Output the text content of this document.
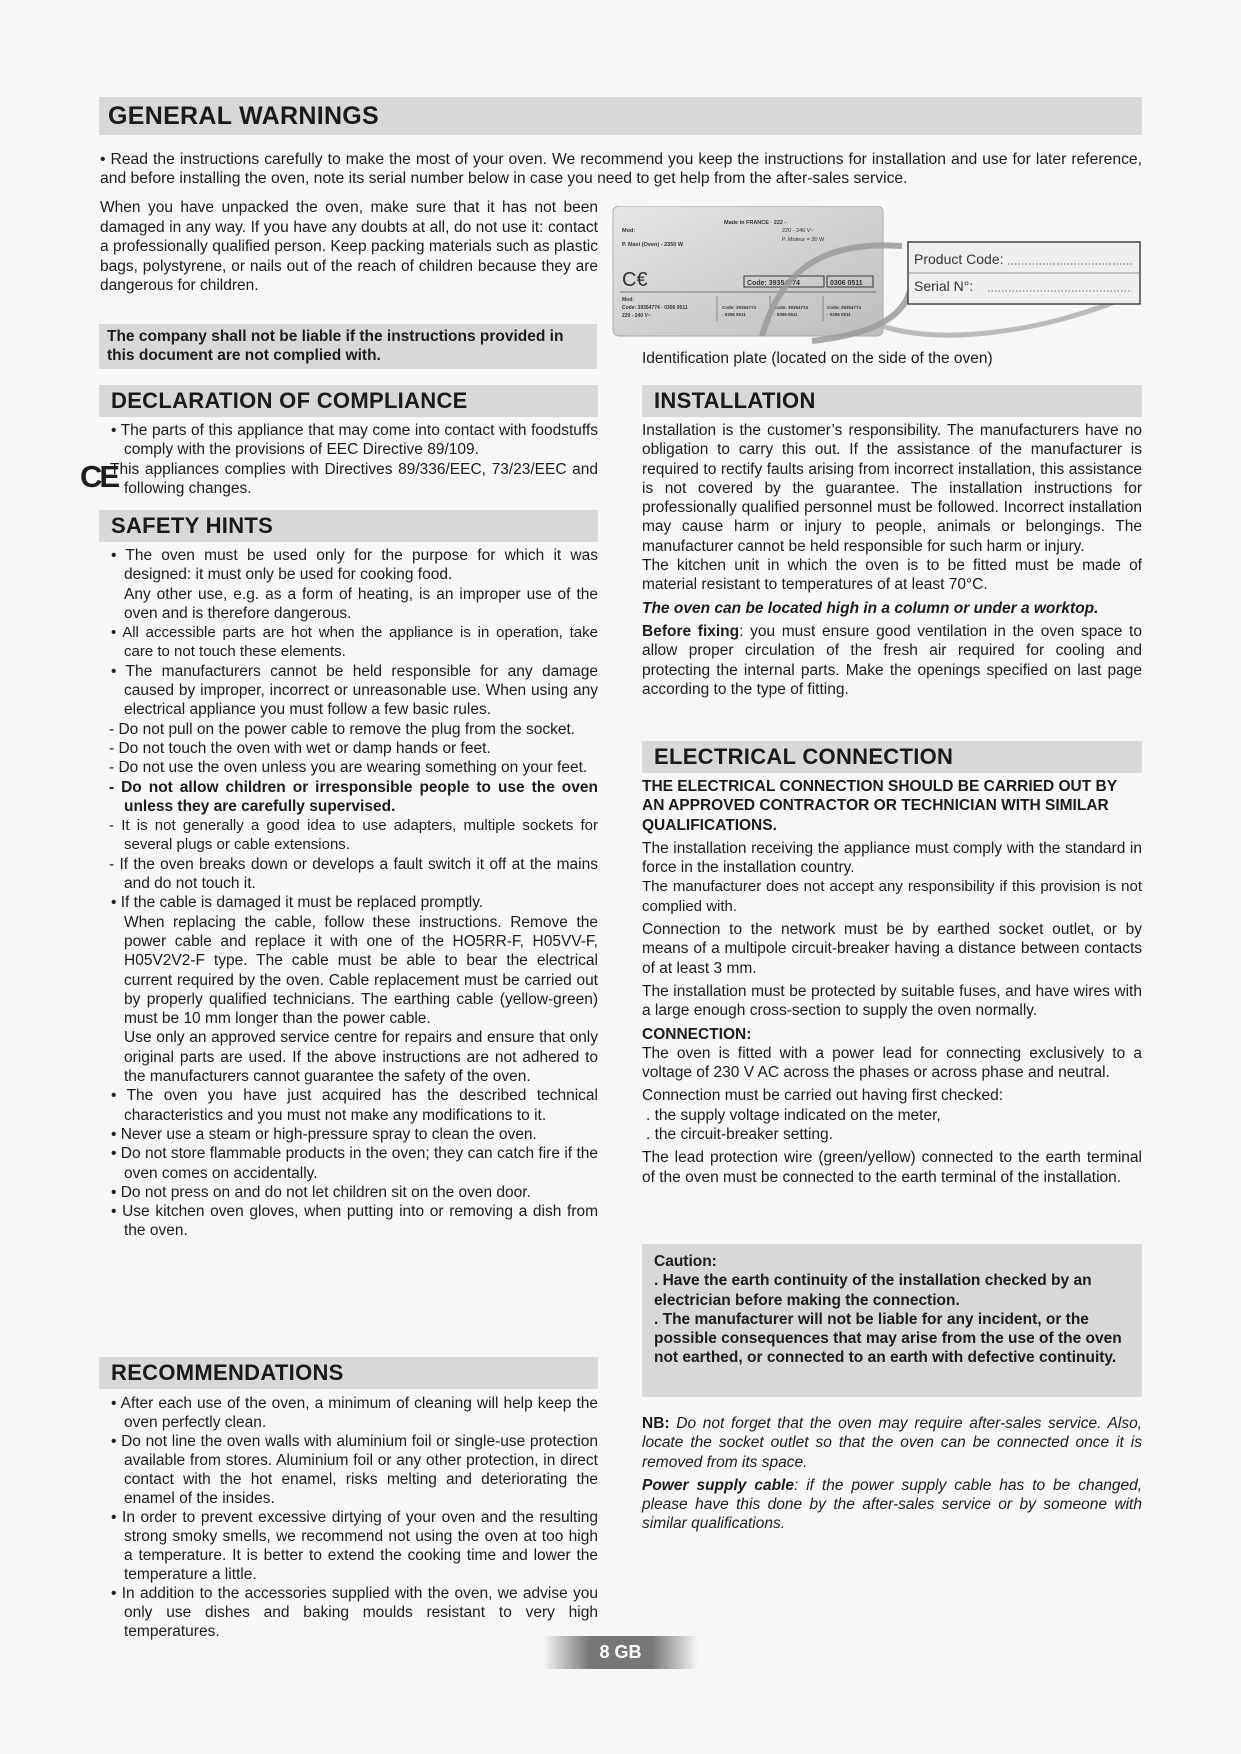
GENERAL WARNINGS
• Read the instructions carefully to make the most of your oven. We recommend you keep the instructions for installation and use for later reference, and before installing the oven, note its serial number below in case you need to get help from the after-sales service.
When you have unpacked the oven, make sure that it has not been damaged in any way. If you have any doubts at all, do not use it: contact a professionally qualified person. Keep packing materials such as plastic bags, polystyrene, or nails out of the reach of children because they are dangerous for children.
The company shall not be liable if the instructions provided in this document are not complied with.
Made in FRANCE · 222 -
Mod:	220 - 240 V~
P. Maxi (Oven) - 2350 W
P. Moteur = 30 W
C€	Code: 39354774	0306 0511
Mod:
Code: 39354774 · 0306 0511
220 - 240 V~
Code: 39354774
· 0306 0511
Code: 39354774
· 0306 0511
Code: 39354774
· 0306 0511
Product Code:
Serial N°:
Identification plate (located on the side of the oven)
DECLARATION OF COMPLIANCE

• The parts of this appliance that may come into contact with foodstuffs comply with the provisions of EEC Directive 89/109.

This appliances complies with Directives 89/336/EEC, 73/23/EEC and following changes.

CE
SAFETY HINTS

• The oven must be used only for the purpose for which it was designed: it must only be used for cooking food.

Any other use, e.g. as a form of heating, is an improper use of the oven and is therefore dangerous.

• All accessible parts are hot when the appliance is in operation, take care to not touch these elements.

• The manufacturers cannot be held responsible for any damage caused by improper, incorrect or unreasonable use. When using any electrical appliance you must follow a few basic rules.

- Do not pull on the power cable to remove the plug from the socket.

- Do not touch the oven with wet or damp hands or feet.

- Do not use the oven unless you are wearing something on your feet.

- Do not allow children or irresponsible people to use the oven unless they are carefully supervised.

- It is not generally a good idea to use adapters, multiple sockets for several plugs or cable extensions.

- If the oven breaks down or develops a fault switch it off at the mains and do not touch it.

• If the cable is damaged it must be replaced promptly.

When replacing the cable, follow these instructions. Remove the power cable and replace it with one of the HO5RR-F, H05VV-F, H05V2V2-F type. The cable must be able to bear the electrical current required by the oven. Cable replacement must be carried out by properly qualified technicians. The earthing cable (yellow-green) must be 10 mm longer than the power cable.

Use only an approved service centre for repairs and ensure that only original parts are used. If the above instructions are not adhered to the manufacturers cannot guarantee the safety of the oven.

• The oven you have just acquired has the described technical characteristics and you must not make any modifications to it.

• Never use a steam or high-pressure spray to clean the oven.

• Do not store flammable products in the oven; they can catch fire if the oven comes on accidentally.

• Do not press on and do not let children sit on the oven door.

• Use kitchen oven gloves, when putting into or removing a dish from the oven.

RECOMMENDATIONS

• After each use of the oven, a minimum of cleaning will help keep the oven perfectly clean.

• Do not line the oven walls with aluminium foil or single-use protection available from stores. Aluminium foil or any other protection, in direct contact with the hot enamel, risks melting and deteriorating the enamel of the insides.

• In order to prevent excessive dirtying of your oven and the resulting strong smoky smells, we recommend not using the oven at too high a temperature. It is better to extend the cooking time and lower the temperature a little.

• In addition to the accessories supplied with the oven, we advise you only use dishes and baking moulds resistant to very high temperatures.

INSTALLATION

Installation is the customer’s responsibility. The manufacturers have no obligation to carry this out. If the assistance of the manufacturer is required to rectify faults arising from incorrect installation, this assistance is not covered by the guarantee. The installation instructions for professionally qualified personnel must be followed. Incorrect installation may cause harm or injury to people, animals or belongings. The manufacturer cannot be held responsible for such harm or injury.

The kitchen unit in which the oven is to be fitted must be made of material resistant to temperatures of at least 70°C.

The oven can be located high in a column or under a worktop.

Before fixing: you must ensure good ventilation in the oven space to allow proper circulation of the fresh air required for cooling and protecting the internal parts. Make the openings specified on last page according to the type of fitting.

ELECTRICAL CONNECTION

THE ELECTRICAL CONNECTION SHOULD BE CARRIED OUT BY AN APPROVED CONTRACTOR OR TECHNICIAN WITH SIMILAR QUALIFICATIONS.

The installation receiving the appliance must comply with the standard in force in the installation country.

The manufacturer does not accept any responsibility if this provision is not complied with.

Connection to the network must be by earthed socket outlet, or by means of a multipole circuit-breaker having a distance between contacts of at least 3 mm.

The installation must be protected by suitable fuses, and have wires with a large enough cross-section to supply the oven normally.

CONNECTION:

The oven is fitted with a power lead for connecting exclusively to a voltage of 230 V AC across the phases or across phase and neutral.

Connection must be carried out having first checked:

. the supply voltage indicated on the meter,

. the circuit-breaker setting.

The lead protection wire (green/yellow) connected to the earth terminal of the oven must be connected to the earth terminal of the installation.

Caution:

. Have the earth continuity of the installation checked by an electrician before making the connection.

. The manufacturer will not be liable for any incident, or the possible consequences that may arise from the use of the oven not earthed, or connected to an earth with defective continuity.

NB: Do not forget that the oven may require after-sales service. Also, locate the socket outlet so that the oven can be connected once it is removed from its space.

Power supply cable: if the power supply cable has to be changed, please have this done by the after-sales service or by someone with similar qualifications.

8 GB
